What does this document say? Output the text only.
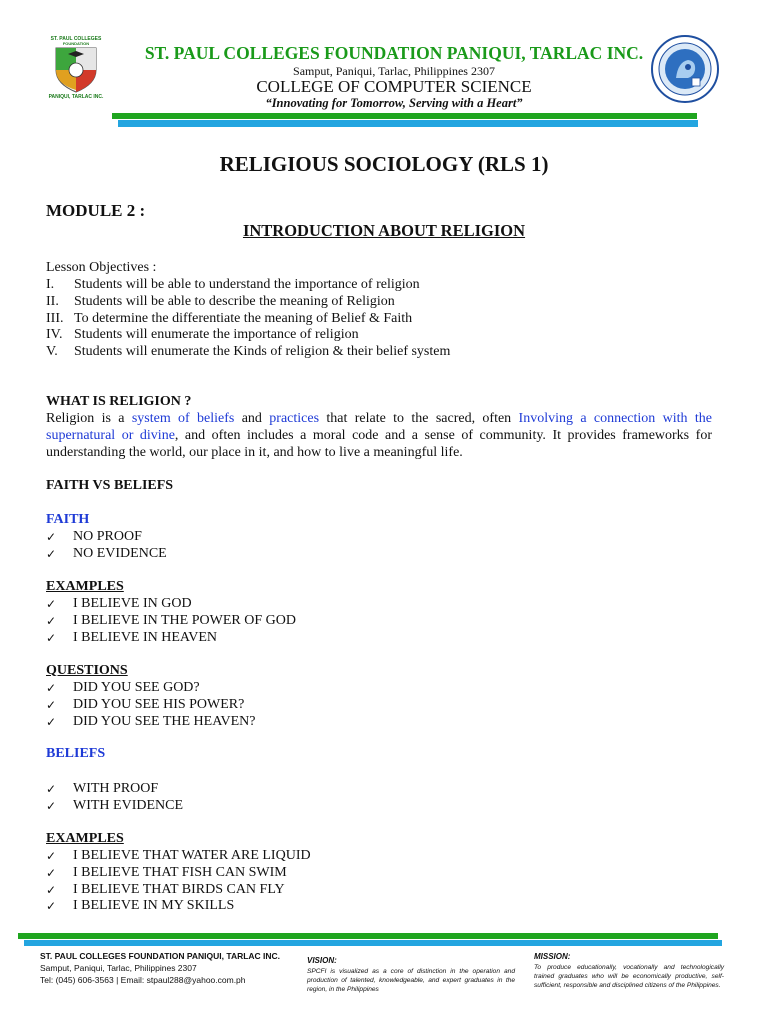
ST. PAUL COLLEGES
FOUNDATION
PANIQUI, TARLAC INC.
ST. PAUL COLLEGES FOUNDATION PANIQUI, TARLAC INC.
Samput, Paniqui, Tarlac, Philippines 2307
COLLEGE OF COMPUTER SCIENCE
“Innovating for Tomorrow, Serving with a Heart”
RELIGIOUS SOCIOLOGY (RLS 1)
MODULE 2 :
INTRODUCTION ABOUT RELIGION
Lesson Objectives :
I.	Students will be able to understand the importance of religion
II.	Students will be able to describe the meaning of Religion
III. To determine the differentiate the meaning of Belief & Faith
IV. Students will enumerate the importance of religion
V.	Students will enumerate the Kinds of religion & their belief system
WHAT IS RELIGION ?

Religion is a system of beliefs and practices that relate to the sacred, often Involving a connection with the supernatural or divine, and often includes a moral code and a sense of community. It provides frameworks for understanding the world, our place in it, and how to live a meaningful life.

FAITH VS BELIEFS
FAITH
✓	NO PROOF
✓	NO EVIDENCE
EXAMPLES
✓	I BELIEVE IN GOD
✓	I BELIEVE IN THE POWER OF GOD
✓	I BELIEVE IN HEAVEN
QUESTIONS
✓	DID YOU SEE GOD?
✓	DID YOU SEE HIS POWER?
✓	DID YOU SEE THE HEAVEN?
BELIEFS
✓	WITH PROOF
✓	WITH EVIDENCE
EXAMPLES
✓	I BELIEVE THAT WATER ARE LIQUID
✓	I BELIEVE THAT FISH CAN SWIM
✓	I BELIEVE THAT BIRDS CAN FLY
✓	I BELIEVE IN MY SKILLS
ST. PAUL COLLEGES FOUNDATION PANIQUI, TARLAC INC.
Samput, Paniqui, Tarlac, Philippines 2307
Tel: (045) 606-3563 | Email: stpaul288@yahoo.com.ph
VISION:
SPCFI is visualized as a core of distinction in the operation and production of talented, knowledgeable, and expert graduates in the region, in the Philippines
MISSION:
To produce educationally, vocationally and technologically trained graduates who will be economically productive, self-sufficient, responsible and disciplined citizens of the Philippines.
